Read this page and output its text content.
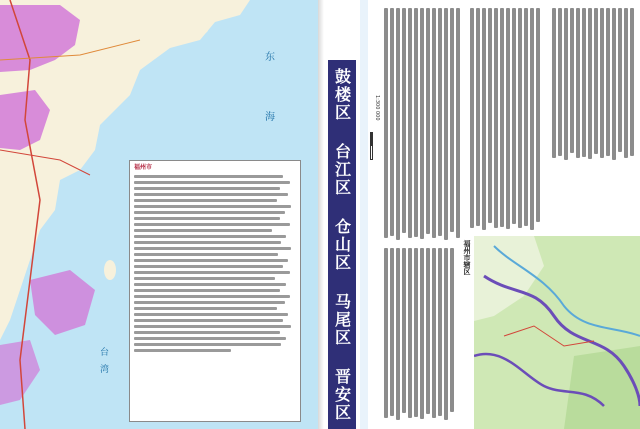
东
海
台
湾
福州市	鼓楼区 台江区 仓山区 马尾区 晋安区	1:300 000
福州市辖区
